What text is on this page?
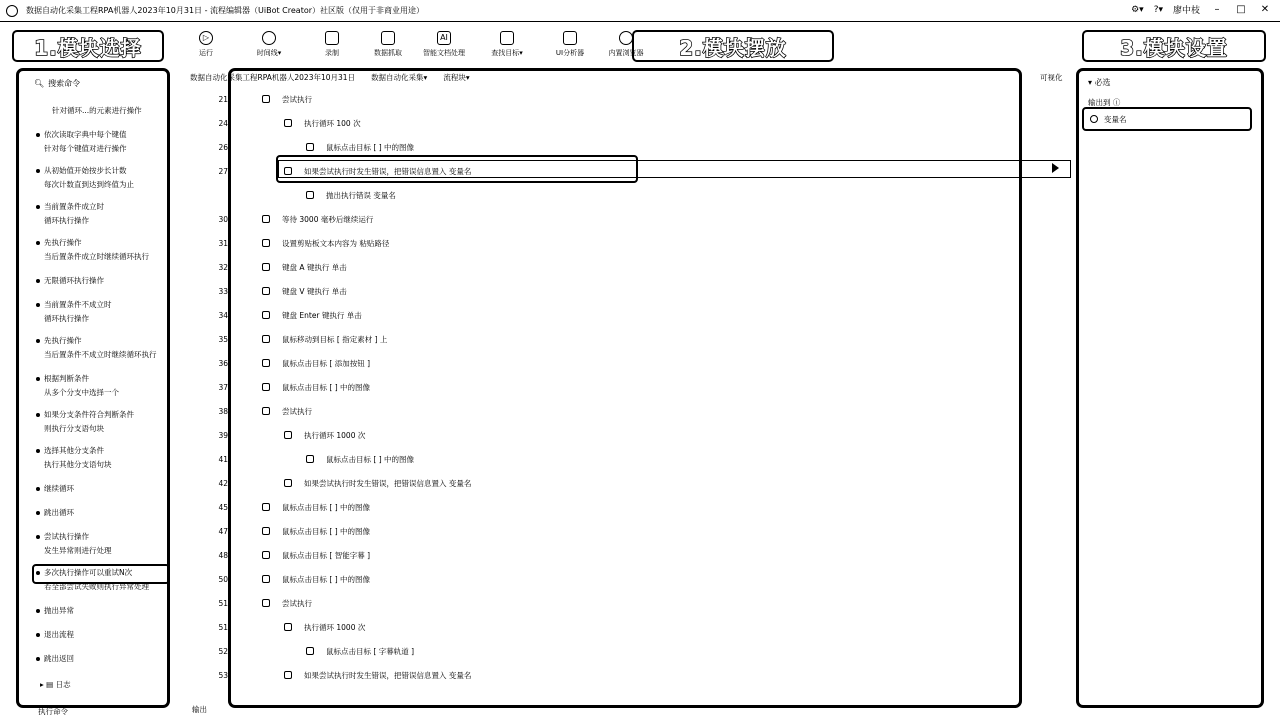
数据自动化采集工程RPA机器人2023年10月31日 - 流程编辑器（UiBot Creator）社区版（仅用于非商业用途）	⚙▾ ?▾ 廖中枝	–	□ ✕
▷
运行	时间线▾	录制	数据抓取
AI
智能文档处理	查找目标▾	UI分析器	内置浏览器
1.模块选择	2.模块摆放	3.模块设置
🔍︎ 搜索命令
针对循环...的元素进行操作
依次读取字典中每个键值
针对每个键值对进行操作
从初始值开始按步长计数
每次计数直到达到终值为止
当前置条件成立时
循环执行操作
先执行操作
当后置条件成立时继续循环执行
无限循环执行操作
当前置条件不成立时
循环执行操作
先执行操作
当后置条件不成立时继续循环执行
根据判断条件
从多个分支中选择一个
如果分支条件符合判断条件
则执行分支语句块
选择其他分支条件
执行其他分支语句块
继续循环
跳出循环
尝试执行操作
发生异常则进行处理
多次执行操作可以重试N次
若全部尝试失败则执行异常处理
抛出异常
退出流程
跳出返回
▸ ▤ 日志
执行命令
数据自动化采集工程RPA机器人2023年10月31日 数据自动化采集▾ 流程块▾
21	尝试执行
24	执行循环 100 次
26	鼠标点击目标 [ ] 中的图像
27	如果尝试执行时发生错误，把错误信息置入 变量名
抛出执行错误 变量名
30	等待 3000 毫秒后继续运行
31	设置剪贴板文本内容为 粘贴路径
32	键盘 A 键执行 单击
33	键盘 V 键执行 单击
34	键盘 Enter 键执行 单击
35	鼠标移动到目标 [ 指定素材 ] 上
36	鼠标点击目标 [ 添加按钮 ]
37	鼠标点击目标 [ ] 中的图像
38	尝试执行
39	执行循环 1000 次
41	鼠标点击目标 [ ] 中的图像
42	如果尝试执行时发生错误，把错误信息置入 变量名
45	鼠标点击目标 [ ] 中的图像
47	鼠标点击目标 [ ] 中的图像
48	鼠标点击目标 [ 智能字幕 ]
50	鼠标点击目标 [ ] 中的图像
51	尝试执行
51	执行循环 1000 次
52	鼠标点击目标 [ 字幕轨道 ]
53	如果尝试执行时发生错误，把错误信息置入 变量名
输出
▾ 必选
输出到 ⓘ
变量名
可视化
